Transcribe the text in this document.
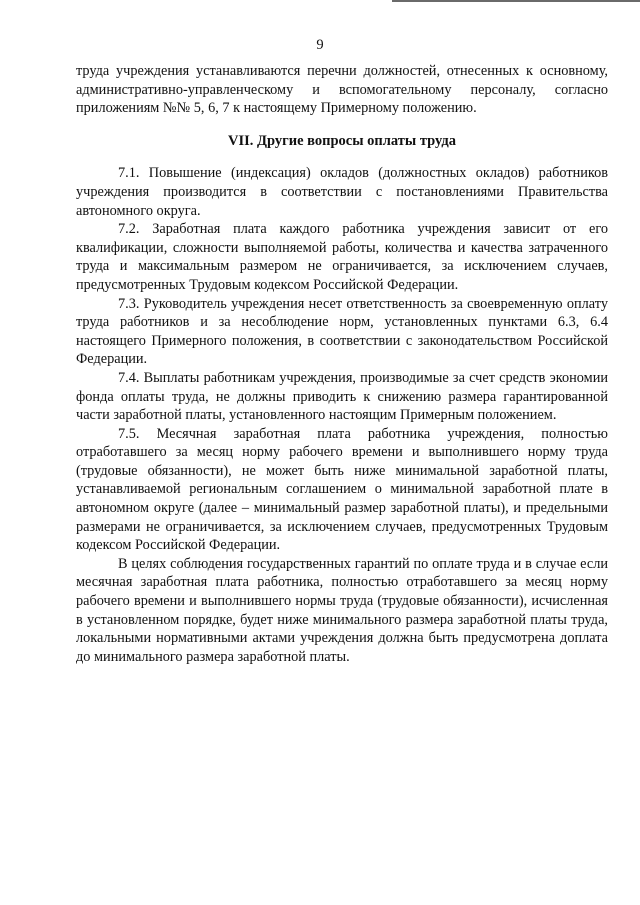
9

труда учреждения устанавливаются перечни должностей, отнесенных к основному, административно-управленческому и вспомогательному персоналу, согласно приложениям №№ 5, 6, 7 к настоящему Примерному положению.

VII. Другие вопросы оплаты труда

7.1. Повышение (индексация) окладов (должностных окладов) работников учреждения производится в соответствии с постановлениями Правительства автономного округа.

7.2. Заработная плата каждого работника учреждения зависит от его квалификации, сложности выполняемой работы, количества и качества затраченного труда и максимальным размером не ограничивается, за исключением случаев, предусмотренных Трудовым кодексом Российской Федерации.

7.3. Руководитель учреждения несет ответственность за своевременную оплату труда работников и за несоблюдение норм, установленных пунктами 6.3, 6.4 настоящего Примерного положения, в соответствии с законодательством Российской Федерации.

7.4. Выплаты работникам учреждения, производимые за счет средств экономии фонда оплаты труда, не должны приводить к снижению размера гарантированной части заработной платы, установленного настоящим Примерным положением.

7.5. Месячная заработная плата работника учреждения, полностью отработавшего за месяц норму рабочего времени и выполнившего норму труда (трудовые обязанности), не может быть ниже минимальной заработной платы, устанавливаемой региональным соглашением о минимальной заработной плате в автономном округе (далее – минимальный размер заработной платы), и предельными размерами не ограничивается, за исключением случаев, предусмотренных Трудовым кодексом Российской Федерации.

В целях соблюдения государственных гарантий по оплате труда и в случае если месячная заработная плата работника, полностью отработавшего за месяц норму рабочего времени и выполнившего нормы труда (трудовые обязанности), исчисленная в установленном порядке, будет ниже минимального размера заработной платы труда, локальными нормативными актами учреждения должна быть предусмотрена доплата до минимального размера заработной платы.
